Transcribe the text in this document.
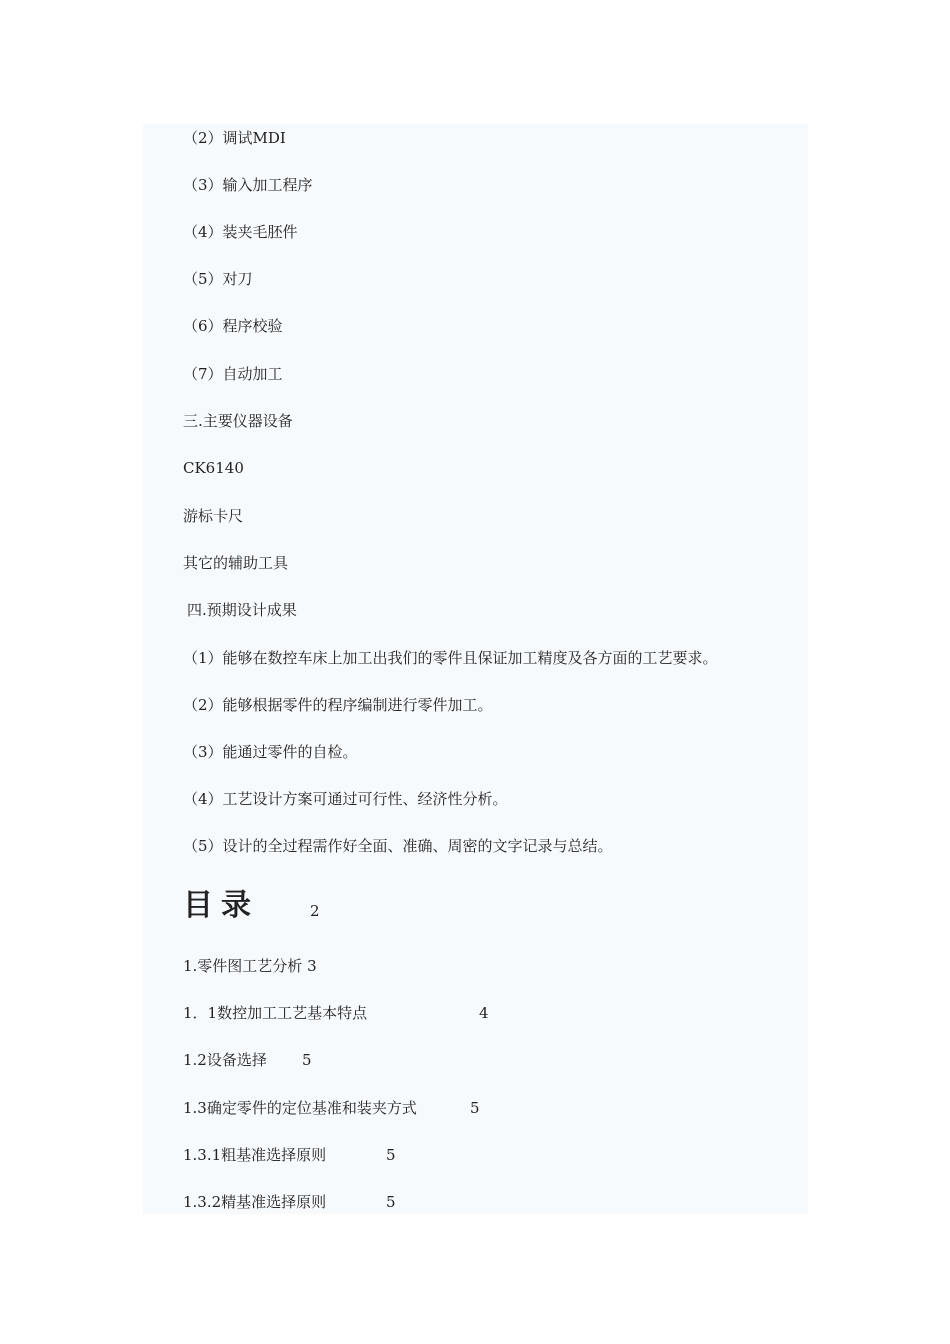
（2）调试MDI
（3）输入加工程序
（4）装夹毛胚件
（5）对刀
（6）程序校验
（7）自动加工
三.主要仪器设备
CK6140
游标卡尺
其它的辅助工具
四.预期设计成果
（1）能够在数控车床上加工出我们的零件且保证加工精度及各方面的工艺要求。
（2）能够根据零件的程序编制进行零件加工。
（3）能通过零件的自检。
（4）工艺设计方案可通过可行性、经济性分析。
（5）设计的全过程需作好全面、准确、周密的文字记录与总结。
目录	2
1.零件图工艺分析 3
1．1数控加工工艺基本特点	4
1.2设备选择 5
1.3确定零件的定位基准和装夹方式	5
1.3.1粗基准选择原则	5
1.3.2精基准选择原则	5
